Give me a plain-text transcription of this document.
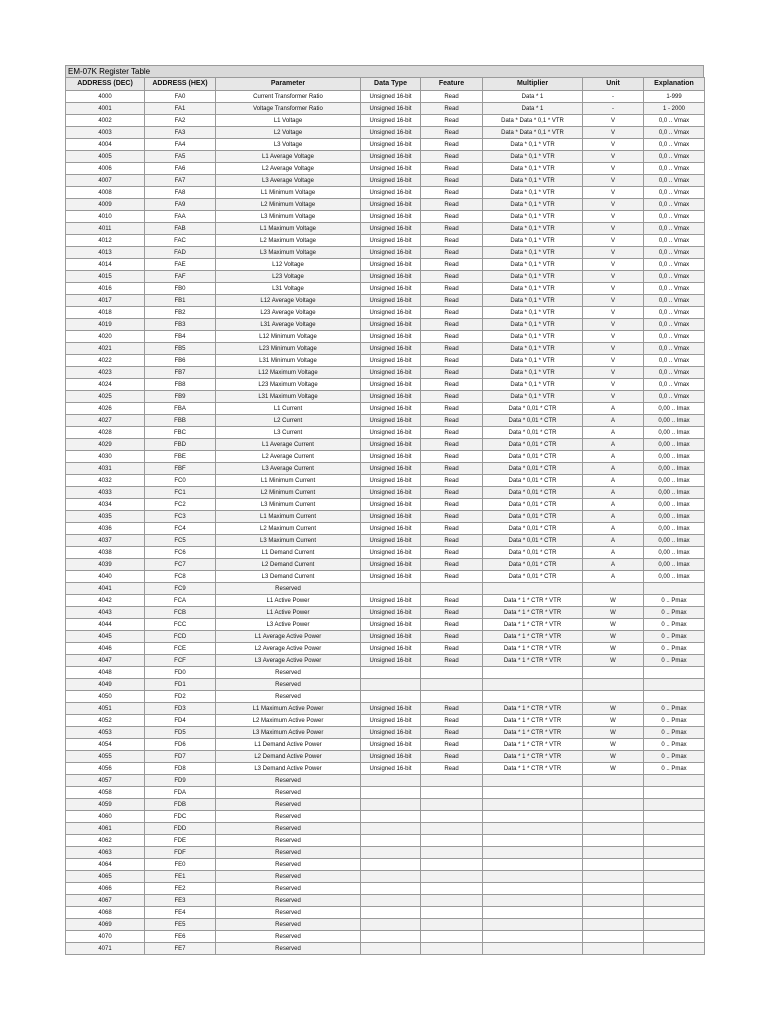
EM-07K Register Table
ADDRESS (DEC)	ADDRESS (HEX)	Parameter	Data Type	Feature	Multiplier	Unit	Explanation
4000	FA0	Current Transformer Ratio	Unsigned 16-bit	Read	Data * 1	-	1-999
4001	FA1	Voltage Transformer Ratio	Unsigned 16-bit	Read	Data * 1	-	1 - 2000
4002	FA2	L1 Voltage	Unsigned 16-bit	Read	Data * Data * 0,1 * VTR	V	0,0 .. Vmax
4003	FA3	L2 Voltage	Unsigned 16-bit	Read	Data * Data * 0,1 * VTR	V	0,0 .. Vmax
4004	FA4	L3 Voltage	Unsigned 16-bit	Read	Data * 0,1 * VTR	V	0,0 .. Vmax
4005	FA5	L1 Average Voltage	Unsigned 16-bit	Read	Data * 0,1 * VTR	V	0,0 .. Vmax
4006	FA6	L2 Average Voltage	Unsigned 16-bit	Read	Data * 0,1 * VTR	V	0,0 .. Vmax
4007	FA7	L3 Average Voltage	Unsigned 16-bit	Read	Data * 0,1 * VTR	V	0,0 .. Vmax
4008	FA8	L1 Minimum Voltage	Unsigned 16-bit	Read	Data * 0,1 * VTR	V	0,0 .. Vmax
4009	FA9	L2 Minimum Voltage	Unsigned 16-bit	Read	Data * 0,1 * VTR	V	0,0 .. Vmax
4010	FAA	L3 Minimum Voltage	Unsigned 16-bit	Read	Data * 0,1 * VTR	V	0,0 .. Vmax
4011	FAB	L1 Maximum Voltage	Unsigned 16-bit	Read	Data * 0,1 * VTR	V	0,0 .. Vmax
4012	FAC	L2 Maximum Voltage	Unsigned 16-bit	Read	Data * 0,1 * VTR	V	0,0 .. Vmax
4013	FAD	L3 Maximum Voltage	Unsigned 16-bit	Read	Data * 0,1 * VTR	V	0,0 .. Vmax
4014	FAE	L12 Voltage	Unsigned 16-bit	Read	Data * 0,1 * VTR	V	0,0 .. Vmax
4015	FAF	L23 Voltage	Unsigned 16-bit	Read	Data * 0,1 * VTR	V	0,0 .. Vmax
4016	FB0	L31 Voltage	Unsigned 16-bit	Read	Data * 0,1 * VTR	V	0,0 .. Vmax
4017	FB1	L12 Average Voltage	Unsigned 16-bit	Read	Data * 0,1 * VTR	V	0,0 .. Vmax
4018	FB2	L23 Average Voltage	Unsigned 16-bit	Read	Data * 0,1 * VTR	V	0,0 .. Vmax
4019	FB3	L31 Average Voltage	Unsigned 16-bit	Read	Data * 0,1 * VTR	V	0,0 .. Vmax
4020	FB4	L12 Minimum Voltage	Unsigned 16-bit	Read	Data * 0,1 * VTR	V	0,0 .. Vmax
4021	FB5	L23 Minimum Voltage	Unsigned 16-bit	Read	Data * 0,1 * VTR	V	0,0 .. Vmax
4022	FB6	L31 Minimum Voltage	Unsigned 16-bit	Read	Data * 0,1 * VTR	V	0,0 .. Vmax
4023	FB7	L12 Maximum Voltage	Unsigned 16-bit	Read	Data * 0,1 * VTR	V	0,0 .. Vmax
4024	FB8	L23 Maximum Voltage	Unsigned 16-bit	Read	Data * 0,1 * VTR	V	0,0 .. Vmax
4025	FB9	L31 Maximum Voltage	Unsigned 16-bit	Read	Data * 0,1 * VTR	V	0,0 .. Vmax
4026	FBA	L1 Current	Unsigned 16-bit	Read	Data * 0,01 * CTR	A	0,00 .. Imax
4027	FBB	L2 Current	Unsigned 16-bit	Read	Data * 0,01 * CTR	A	0,00 .. Imax
4028	FBC	L3 Current	Unsigned 16-bit	Read	Data * 0,01 * CTR	A	0,00 .. Imax
4029	FBD	L1 Average Current	Unsigned 16-bit	Read	Data * 0,01 * CTR	A	0,00 .. Imax
4030	FBE	L2 Average Current	Unsigned 16-bit	Read	Data * 0,01 * CTR	A	0,00 .. Imax
4031	FBF	L3 Average Current	Unsigned 16-bit	Read	Data * 0,01 * CTR	A	0,00 .. Imax
4032	FC0	L1 Minimum Current	Unsigned 16-bit	Read	Data * 0,01 * CTR	A	0,00 .. Imax
4033	FC1	L2 Minimum Current	Unsigned 16-bit	Read	Data * 0,01 * CTR	A	0,00 .. Imax
4034	FC2	L3 Minimum Current	Unsigned 16-bit	Read	Data * 0,01 * CTR	A	0,00 .. Imax
4035	FC3	L1 Maximum Current	Unsigned 16-bit	Read	Data * 0,01 * CTR	A	0,00 .. Imax
4036	FC4	L2 Maximum Current	Unsigned 16-bit	Read	Data * 0,01 * CTR	A	0,00 .. Imax
4037	FC5	L3 Maximum Current	Unsigned 16-bit	Read	Data * 0,01 * CTR	A	0,00 .. Imax
4038	FC6	L1 Demand Current	Unsigned 16-bit	Read	Data * 0,01 * CTR	A	0,00 .. Imax
4039	FC7	L2 Demand Current	Unsigned 16-bit	Read	Data * 0,01 * CTR	A	0,00 .. Imax
4040	FC8	L3 Demand Current	Unsigned 16-bit	Read	Data * 0,01 * CTR	A	0,00 .. Imax
4041	FC9	Reserved					
4042	FCA	L1 Active Power	Unsigned 16-bit	Read	Data * 1 * CTR * VTR	W	0 .. Pmax
4043	FCB	L1 Active Power	Unsigned 16-bit	Read	Data * 1 * CTR * VTR	W	0 .. Pmax
4044	FCC	L3 Active Power	Unsigned 16-bit	Read	Data * 1 * CTR * VTR	W	0 .. Pmax
4045	FCD	L1 Average Active Power	Unsigned 16-bit	Read	Data * 1 * CTR * VTR	W	0 .. Pmax
4046	FCE	L2 Average Active Power	Unsigned 16-bit	Read	Data * 1 * CTR * VTR	W	0 .. Pmax
4047	FCF	L3 Average Active Power	Unsigned 16-bit	Read	Data * 1 * CTR * VTR	W	0 .. Pmax
4048	FD0	Reserved					
4049	FD1	Reserved					
4050	FD2	Reserved					
4051	FD3	L1 Maximum Active Power	Unsigned 16-bit	Read	Data * 1 * CTR * VTR	W	0 .. Pmax
4052	FD4	L2 Maximum Active Power	Unsigned 16-bit	Read	Data * 1 * CTR * VTR	W	0 .. Pmax
4053	FD5	L3 Maximum Active Power	Unsigned 16-bit	Read	Data * 1 * CTR * VTR	W	0 .. Pmax
4054	FD6	L1 Demand Active Power	Unsigned 16-bit	Read	Data * 1 * CTR * VTR	W	0 .. Pmax
4055	FD7	L2 Demand Active Power	Unsigned 16-bit	Read	Data * 1 * CTR * VTR	W	0 .. Pmax
4056	FD8	L3 Demand Active Power	Unsigned 16-bit	Read	Data * 1 * CTR * VTR	W	0 .. Pmax
4057	FD9	Reserved					
4058	FDA	Reserved					
4059	FDB	Reserved					
4060	FDC	Reserved					
4061	FDD	Reserved					
4062	FDE	Reserved					
4063	FDF	Reserved					
4064	FE0	Reserved					
4065	FE1	Reserved					
4066	FE2	Reserved					
4067	FE3	Reserved					
4068	FE4	Reserved					
4069	FE5	Reserved					
4070	FE6	Reserved					
4071	FE7	Reserved					
